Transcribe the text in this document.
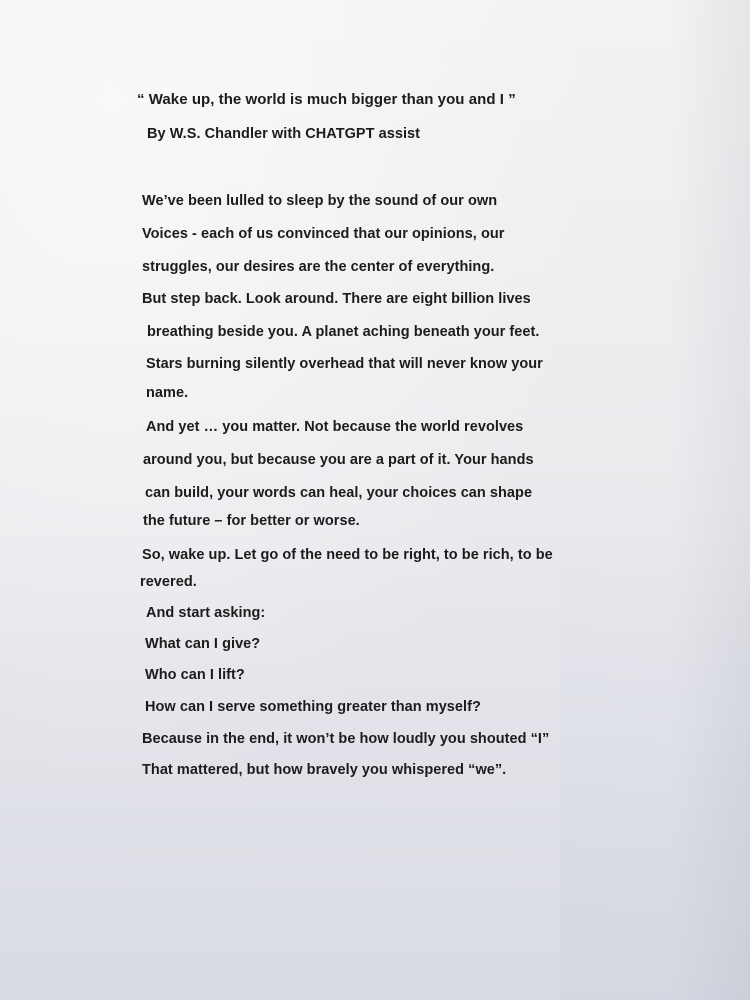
“ Wake up, the world is much bigger than you and I ”

By W.S. Chandler with CHATGPT assist

We’ve been lulled to sleep by the sound of our own

Voices - each of us convinced that our opinions, our

struggles, our desires are the center of everything.

But step back. Look around. There are eight billion lives

breathing beside you. A planet aching beneath your feet.

Stars burning silently overhead that will never know your

name.

And yet … you matter. Not because the world revolves

around you, but because you are a part of it. Your hands

can build, your words can heal, your choices can shape

the future – for better or worse.

So, wake up. Let go of the need to be right, to be rich, to be

revered.

And start asking:

What can I give?

Who can I lift?

How can I serve something greater than myself?

Because in the end, it won’t be how loudly you shouted “I”

That mattered, but how bravely you whispered “we”.
